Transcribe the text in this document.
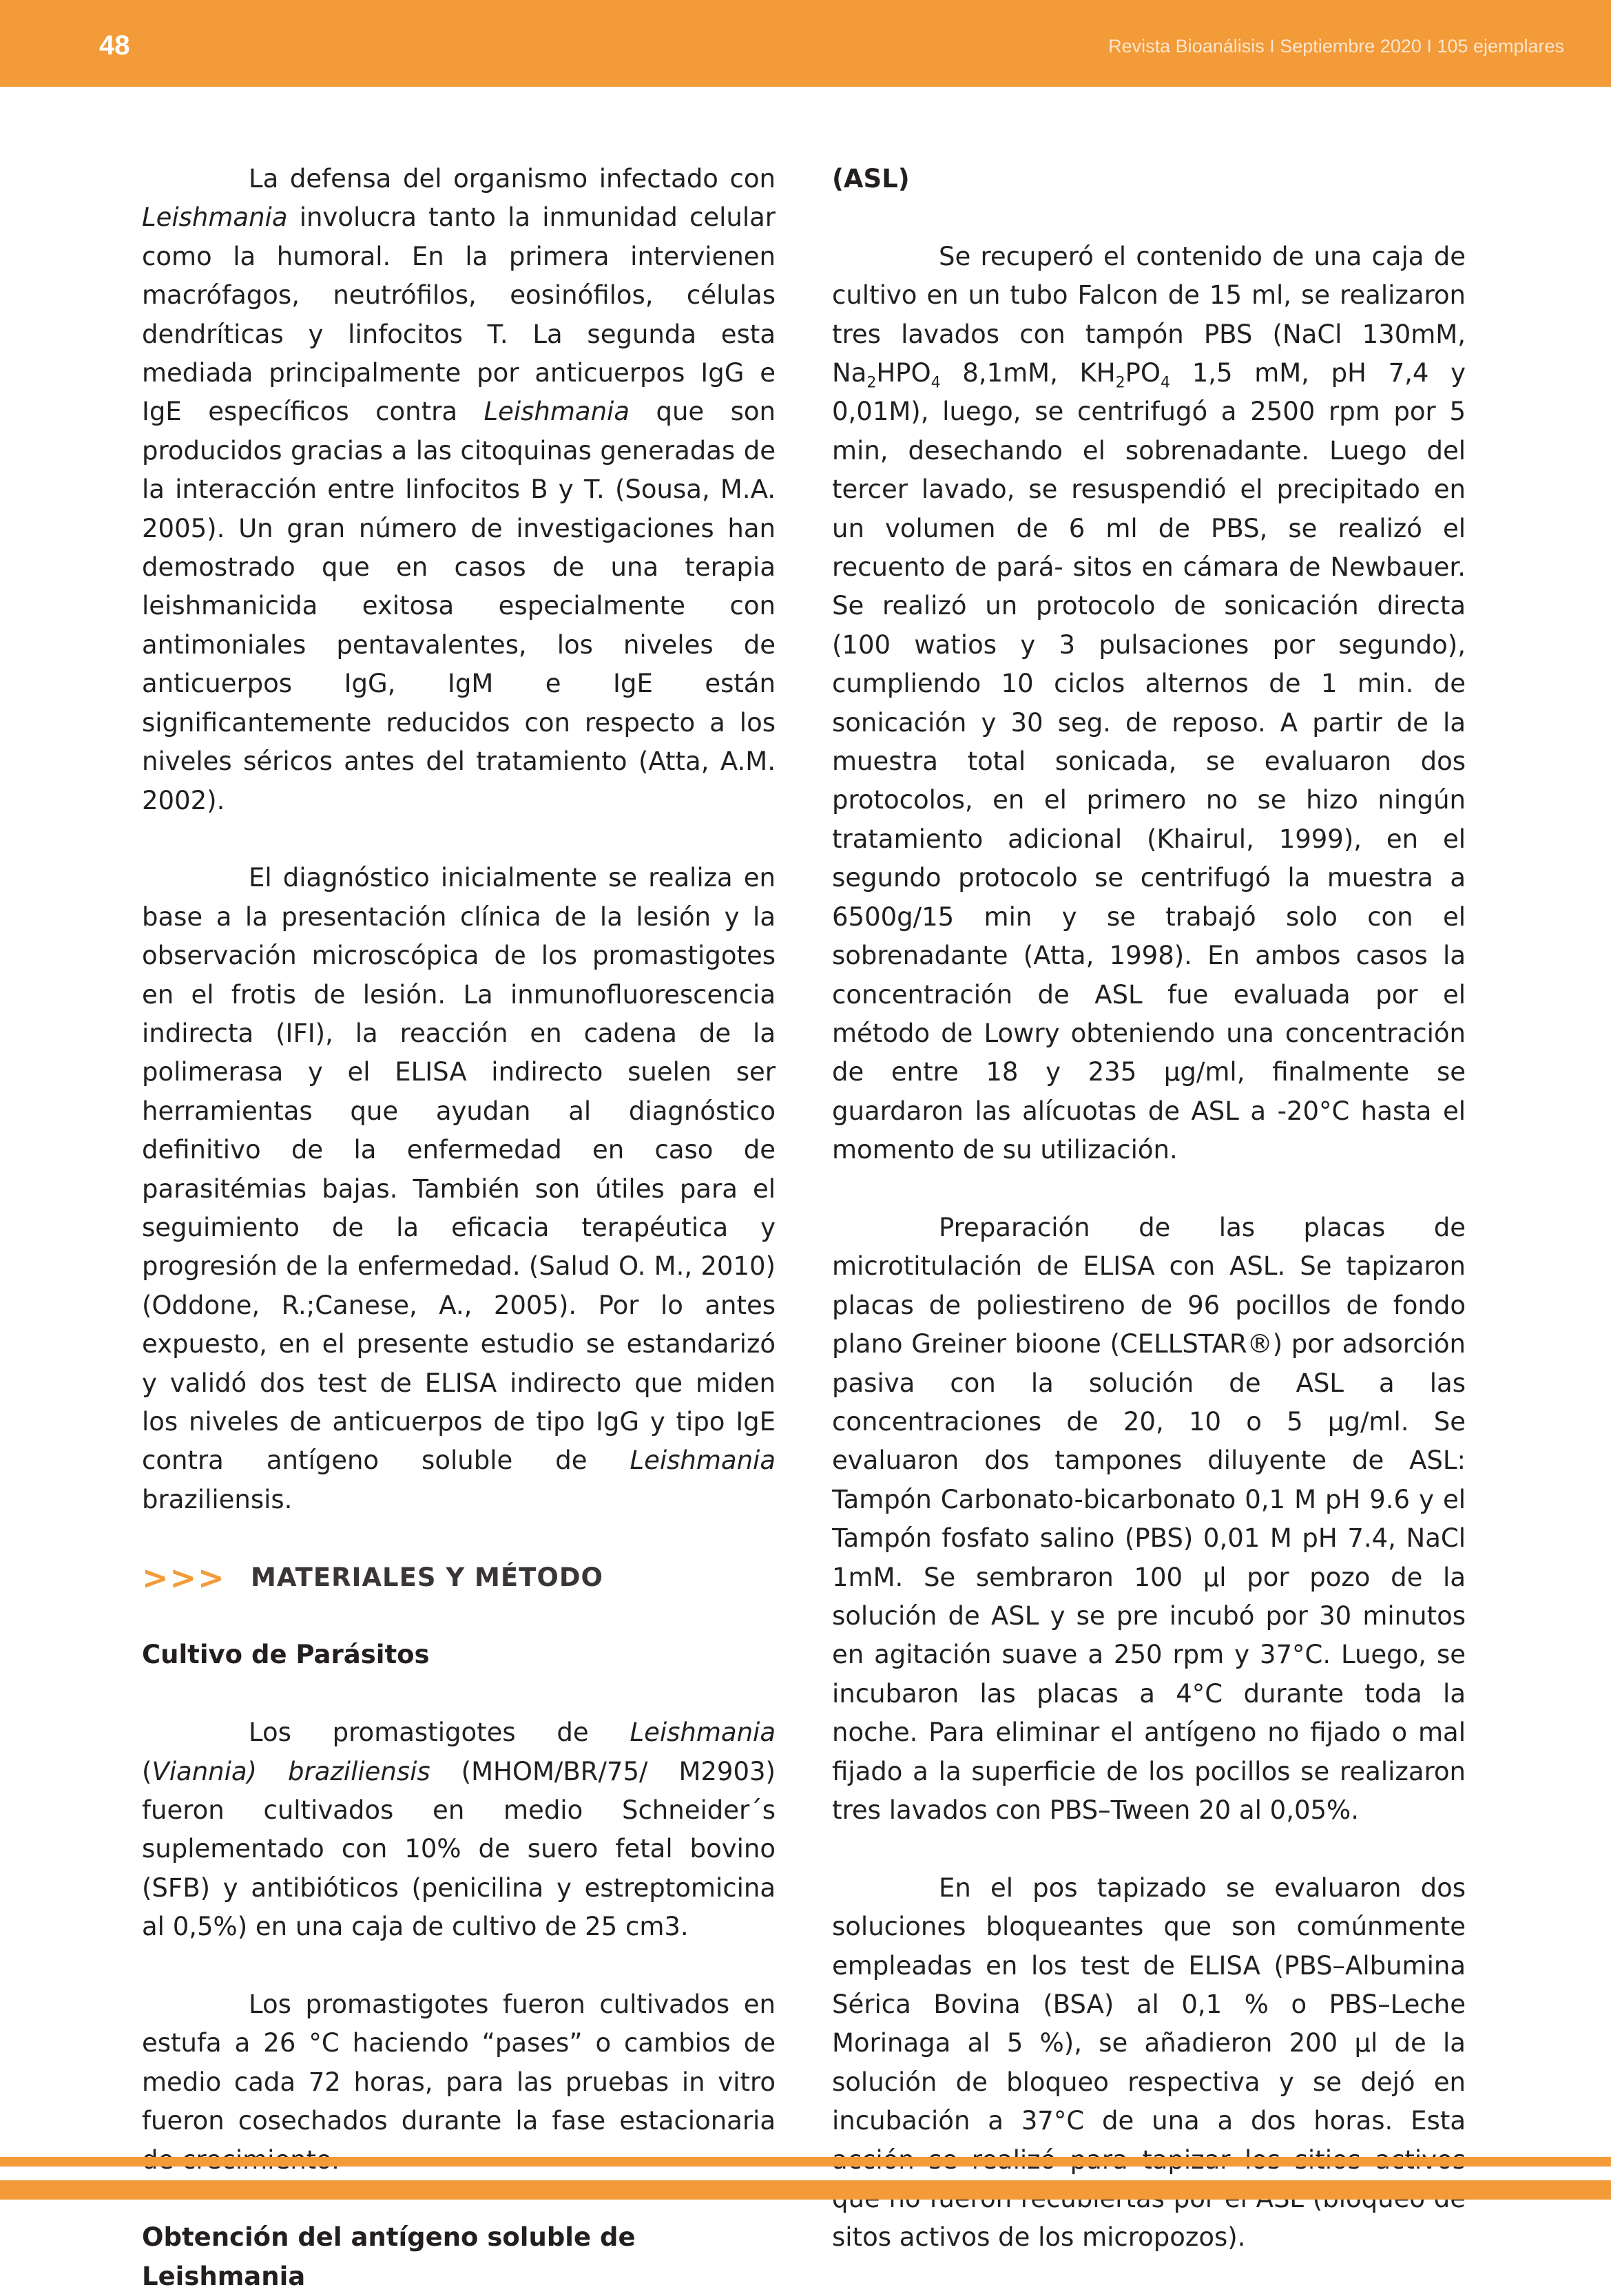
48	Revista Bioanálisis I Septiembre 2020 I 105 ejemplares

La defensa del organismo infectado con Leishmania involucra tanto la inmunidad celular como la humoral. En la primera intervienen macrófagos, neutrófilos, eosinófilos, células dendríticas y linfocitos T. La segunda esta mediada principalmente por anticuerpos IgG e IgE específicos contra Leishmania que son producidos gracias a las citoquinas generadas de la interacción entre linfocitos B y T. (Sousa, M.A. 2005). Un gran número de investigaciones han demostrado que en casos de una terapia leishmanicida exitosa especialmente con antimoniales pentavalentes, los niveles de anticuerpos IgG, IgM e IgE están significantemente reducidos con respecto a los niveles séricos antes del tratamiento (Atta, A.M. 2002).

El diagnóstico inicialmente se realiza en base a la presentación clínica de la lesión y la observación microscópica de los promastigotes en el frotis de lesión. La inmunofluorescencia indirecta (IFI), la reacción en cadena de la polimerasa y el ELISA indirecto suelen ser herramientas que ayudan al diagnóstico definitivo de la enfermedad en caso de parasitémias bajas. También son útiles para el seguimiento de la eficacia terapéutica y progresión de la enfermedad. (Salud O. M., 2010) (Oddone, R.;Canese, A., 2005). Por lo antes expuesto, en el presente estudio se estandarizó y validó dos test de ELISA indirecto que miden los niveles de anticuerpos de tipo IgG y tipo IgE contra antígeno soluble de Leishmania braziliensis.

>>> MATERIALES Y MÉTODO

Cultivo de Parásitos

Los promastigotes de Leishmania (Viannia) braziliensis (MHOM/BR/75/ M2903) fueron cultivados en medio Schneider´s suplementado con 10% de suero fetal bovino (SFB) y antibióticos (penicilina y estreptomicina al 0,5%) en una caja de cultivo de 25 cm3.

Los promastigotes fueron cultivados en estufa a 26 °C haciendo “pases” o cambios de medio cada 72 horas, para las pruebas in vitro fueron cosechados durante la fase estacionaria

Obtención del antígeno soluble de Leishmania

(ASL)

Se recuperó el contenido de una caja de cultivo en un tubo Falcon de 15 ml, se realizaron tres lavados con tampón PBS (NaCl 130mM, $Na_2HPO_4$ 8,1mM, $KH_2PO_4$ 1,5 mM, pH 7,4 y 0,01M), luego, se centrifugó a 2500 rpm por 5 min, desechando el sobrenadante. Luego del tercer lavado, se resuspendió el precipitado en un volumen de 6 ml de PBS, se realizó el recuento de pará- sitos en cámara de Newbauer. Se realizó un protocolo de sonicación directa (100 watios y 3 pulsaciones por segundo), cumpliendo 10 ciclos alternos de 1 min. de sonicación y 30 seg. de reposo. A partir de la muestra total sonicada, se evaluaron dos protocolos, en el primero no se hizo ningún tratamiento adicional (Khairul, 1999), en el segundo protocolo se centrifugó la muestra a 6500g/15 min y se trabajó solo con el sobrenadante (Atta, 1998). En ambos casos la concentración de ASL fue evaluada por el método de Lowry obteniendo una concentración de entre 18 y 235 µg/ml, finalmente se guardaron las alícuotas de ASL a -20°C hasta el momento de su utilización.

Preparación de las placas de microtitulación de ELISA con ASL. Se tapizaron placas de poliestireno de 96 pocillos de fondo plano Greiner bioone (CELLSTAR®) por adsorción pasiva con la solución de ASL a las concentraciones de 20, 10 o 5 µg/ml. Se evaluaron dos tampones diluyente de ASL: Tampón Carbonato-bicarbonato 0,1 M pH 9.6 y el Tampón fosfato salino (PBS) 0,01 M pH 7.4, NaCl 1mM. Se sembraron 100 µl por pozo de la solución de ASL y se pre incubó por 30 minutos en agitación suave a 250 rpm y 37°C. Luego, se incubaron las placas a 4°C durante toda la noche. Para eliminar el antígeno no fijado o mal fijado a la superficie de los pocillos se realizaron tres lavados con PBS–Tween 20 al 0,05%.

En el pos tapizado se evaluaron dos soluciones bloqueantes que son comúnmente empleadas en los test de ELISA (PBS–Albumina Sérica Bovina (BSA) al 0,1 % o PBS–Leche Morinaga al 5 %), se añadieron 200 µl de la solución de bloqueo respectiva y se dejó en incubación a 37°C de una a dos horas. Esta sitos activos de los micropozos).
